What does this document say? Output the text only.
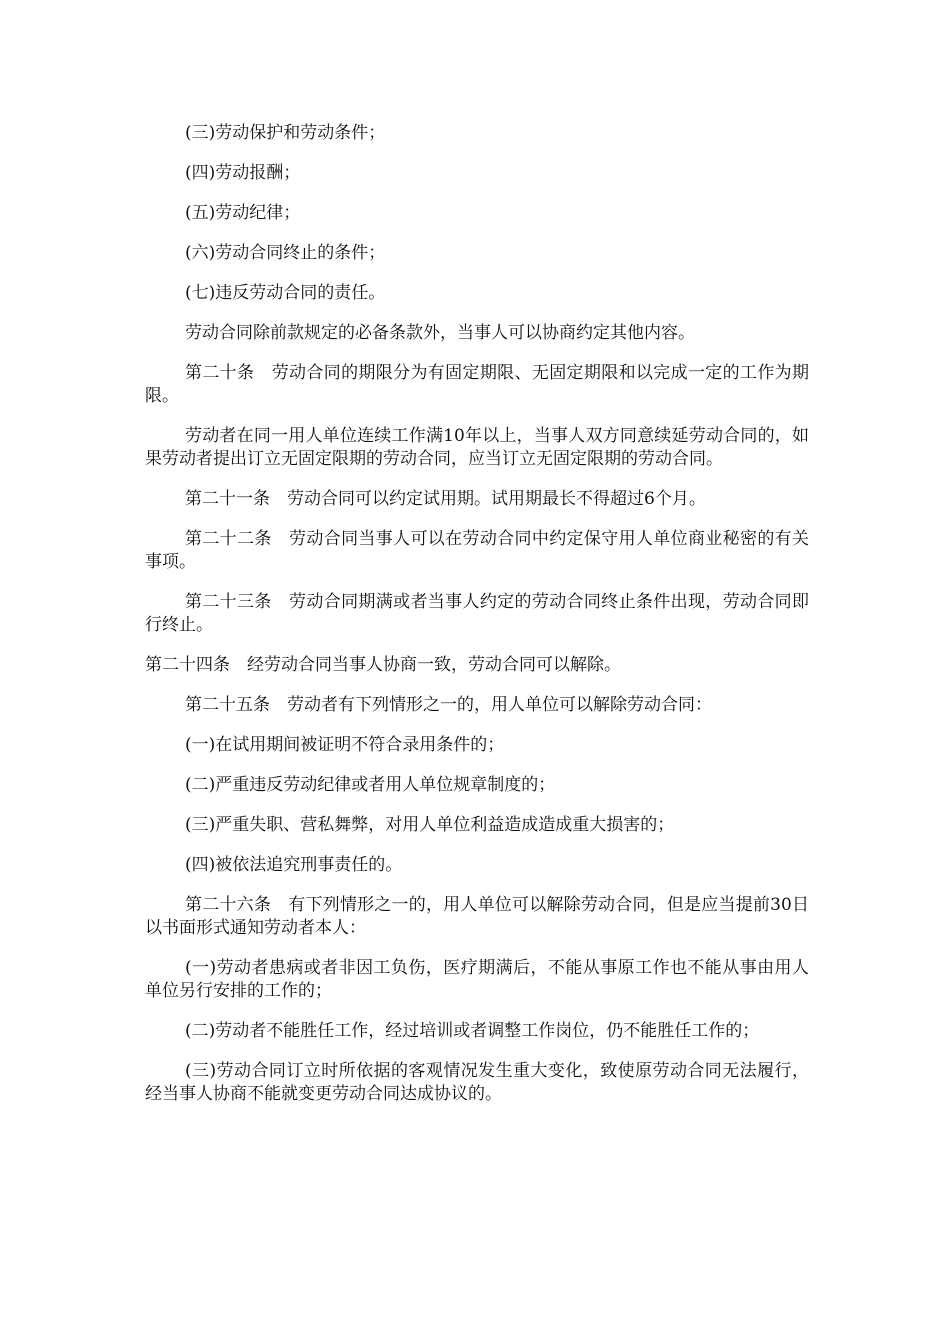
(三)劳动保护和劳动条件；

(四)劳动报酬；

(五)劳动纪律；

(六)劳动合同终止的条件；

(七)违反劳动合同的责任。

劳动合同除前款规定的必备条款外，当事人可以协商约定其他内容。

第二十条　劳动合同的期限分为有固定期限、无固定期限和以完成一定的工作为期限。

劳动者在同一用人单位连续工作满10年以上，当事人双方同意续延劳动合同的，如果劳动者提出订立无固定限期的劳动合同，应当订立无固定限期的劳动合同。

第二十一条　劳动合同可以约定试用期。试用期最长不得超过6个月。

第二十二条　劳动合同当事人可以在劳动合同中约定保守用人单位商业秘密的有关事项。

第二十三条　劳动合同期满或者当事人约定的劳动合同终止条件出现，劳动合同即行终止。

第二十四条　经劳动合同当事人协商一致，劳动合同可以解除。

第二十五条　劳动者有下列情形之一的，用人单位可以解除劳动合同：

(一)在试用期间被证明不符合录用条件的；

(二)严重违反劳动纪律或者用人单位规章制度的；

(三)严重失职、营私舞弊，对用人单位利益造成造成重大损害的；

(四)被依法追究刑事责任的。

第二十六条　有下列情形之一的，用人单位可以解除劳动合同，但是应当提前30日以书面形式通知劳动者本人：

(一)劳动者患病或者非因工负伤，医疗期满后，不能从事原工作也不能从事由用人单位另行安排的工作的；

(二)劳动者不能胜任工作，经过培训或者调整工作岗位，仍不能胜任工作的；

(三)劳动合同订立时所依据的客观情况发生重大变化，致使原劳动合同无法履行，经当事人协商不能就变更劳动合同达成协议的。
